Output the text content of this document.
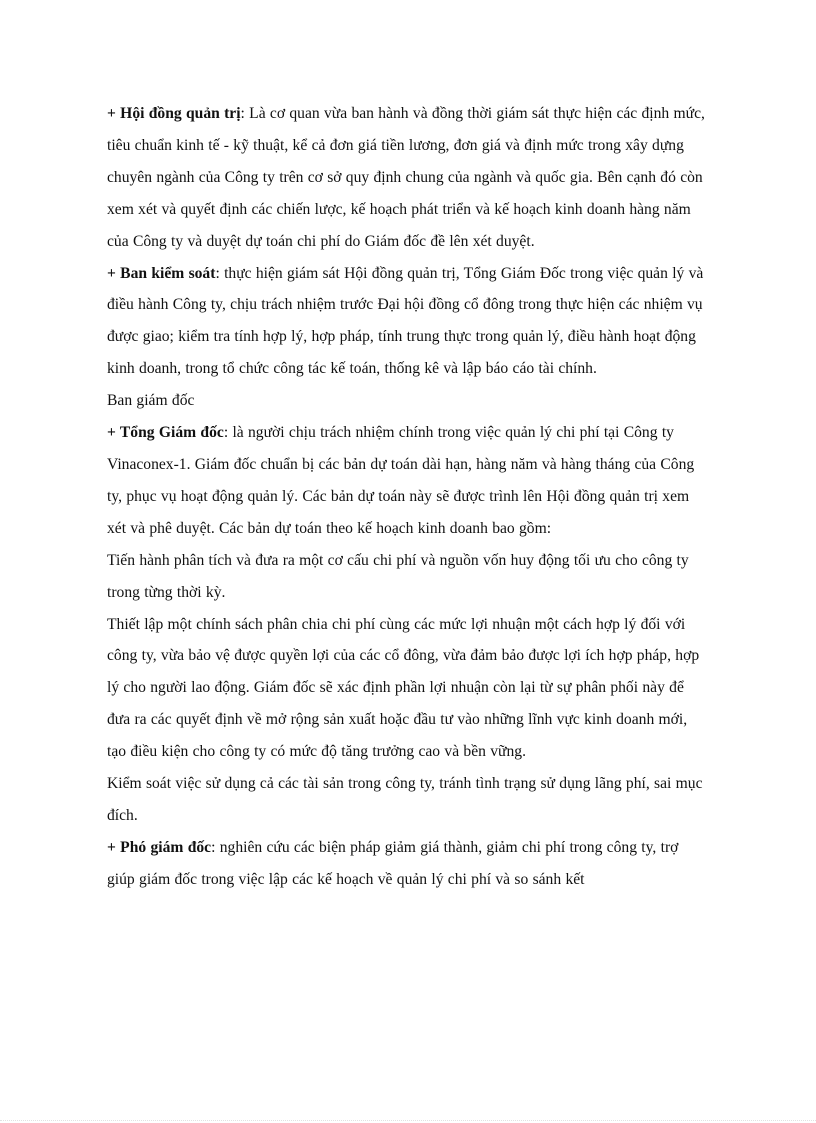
+ Hội đồng quản trị: Là cơ quan vừa ban hành và đồng thời giám sát thực hiện các định mức, tiêu chuẩn kinh tế - kỹ thuật, kể cả đơn giá tiền lương, đơn giá và định mức trong xây dựng chuyên ngành của Công ty trên cơ sở quy định chung của ngành và quốc gia. Bên cạnh đó còn xem xét và quyết định các chiến lược, kế hoạch phát triển và kế hoạch kinh doanh hàng năm của Công ty và duyệt dự toán chi phí do Giám đốc đề lên xét duyệt.

+ Ban kiểm soát: thực hiện giám sát Hội đồng quản trị, Tổng Giám Đốc trong việc quản lý và điều hành Công ty, chịu trách nhiệm trước Đại hội đồng cổ đông trong thực hiện các nhiệm vụ được giao; kiểm tra tính hợp lý, hợp pháp, tính trung thực trong quản lý, điều hành hoạt động kinh doanh, trong tổ chức công tác kế toán, thống kê và lập báo cáo tài chính.

Ban giám đốc

+ Tổng Giám đốc: là người chịu trách nhiệm chính trong việc quản lý chi phí tại Công ty Vinaconex-1. Giám đốc chuẩn bị các bản dự toán dài hạn, hàng năm và hàng tháng của Công ty, phục vụ hoạt động quản lý. Các bản dự toán này sẽ được trình lên Hội đồng quản trị xem xét và phê duyệt. Các bản dự toán theo kế hoạch kinh doanh bao gồm:

Tiến hành phân tích và đưa ra một cơ cấu chi phí và nguồn vốn huy động tối ưu cho công ty trong từng thời kỳ.

Thiết lập một chính sách phân chia chi phí cùng các mức lợi nhuận một cách hợp lý đối với công ty, vừa bảo vệ được quyền lợi của các cổ đông, vừa đảm bảo được lợi ích hợp pháp, hợp lý cho người lao động. Giám đốc sẽ xác định phần lợi nhuận còn lại từ sự phân phối này để đưa ra các quyết định về mở rộng sản xuất hoặc đầu tư vào những lĩnh vực kinh doanh mới, tạo điều kiện cho công ty có mức độ tăng trưởng cao và bền vững.

Kiểm soát việc sử dụng cả các tài sản trong công ty, tránh tình trạng sử dụng lãng phí, sai mục đích.

+ Phó giám đốc: nghiên cứu các biện pháp giảm giá thành, giảm chi phí trong công ty, trợ giúp giám đốc trong việc lập các kế hoạch về quản lý chi phí và so sánh kết
